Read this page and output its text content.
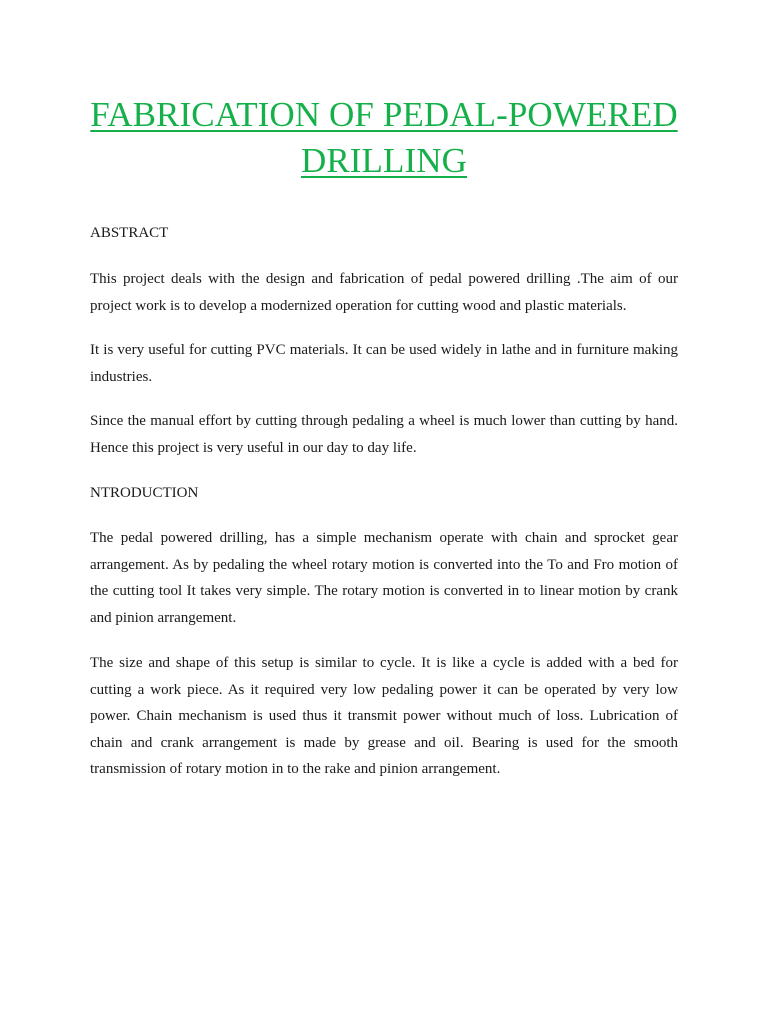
FABRICATION OF PEDAL-POWERED DRILLING

ABSTRACT

This project deals with the design and fabrication of pedal powered drilling .The aim of our project work is to develop a modernized operation for cutting wood and plastic materials.

It is very useful for cutting PVC materials. It can be used widely in lathe and in furniture making industries.

Since the manual effort by cutting through pedaling a wheel is much lower than cutting by hand. Hence this project is very useful in our day to day life.

NTRODUCTION

The pedal powered drilling, has a simple mechanism operate with chain and sprocket gear arrangement. As by pedaling the wheel rotary motion is converted into the To and Fro motion of the cutting tool It takes very simple. The rotary motion is converted in to linear motion by crank and pinion arrangement.

The size and shape of this setup is similar to cycle. It is like a cycle is added with a bed for cutting a work piece. As it required very low pedaling power it can be operated by very low power. Chain mechanism is used thus it transmit power without much of loss. Lubrication of chain and crank arrangement is made by grease and oil. Bearing is used for the smooth transmission of rotary motion in to the rake and pinion arrangement.
